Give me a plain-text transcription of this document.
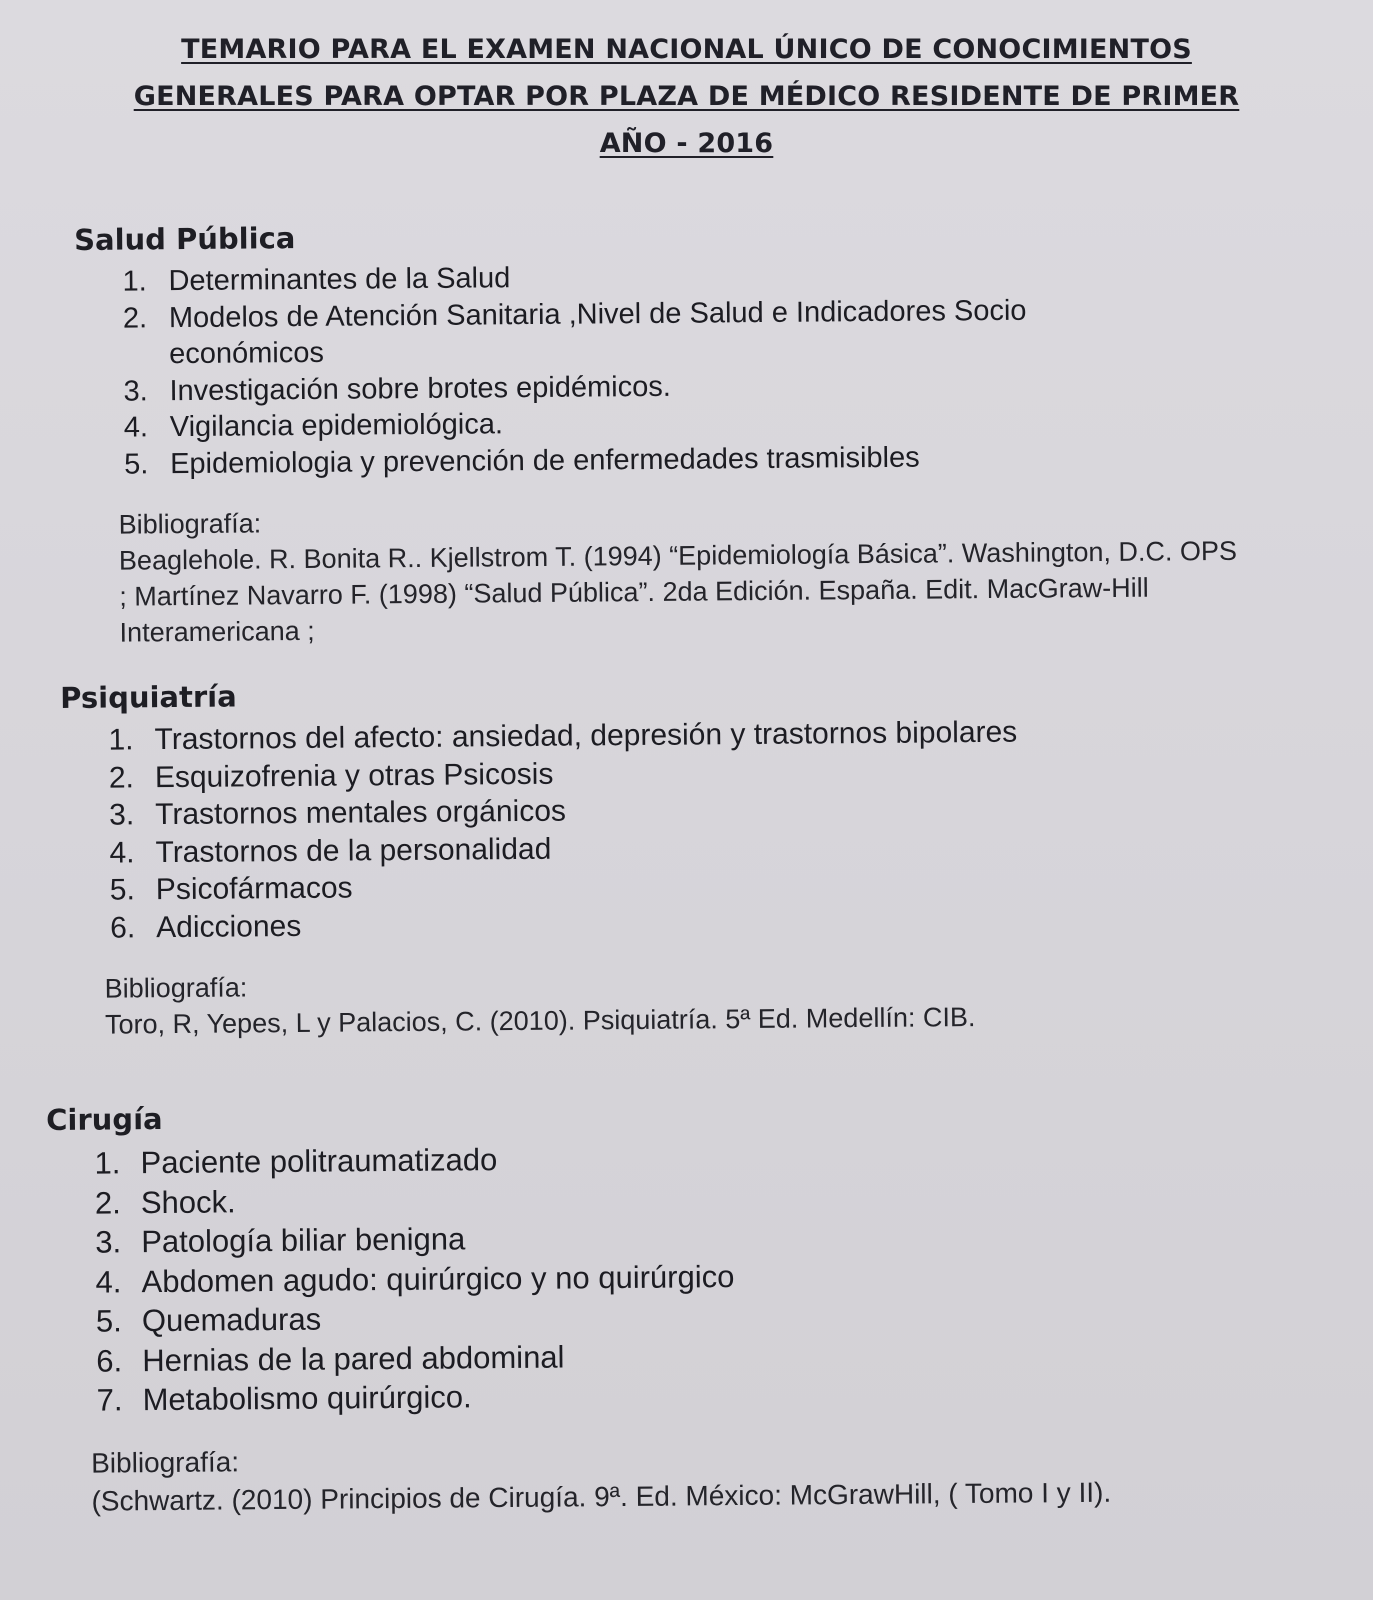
TEMARIO PARA EL EXAMEN NACIONAL ÚNICO DE CONOCIMIENTOS
GENERALES PARA OPTAR POR PLAZA DE MÉDICO RESIDENTE DE PRIMER
AÑO - 2016
Salud Pública
1. Determinantes de la Salud
2. Modelos de Atención Sanitaria ,Nivel de Salud e Indicadores Socio económicos
3. Investigación sobre brotes epidémicos.
4. Vigilancia epidemiológica.
5. Epidemiologia y prevención de enfermedades trasmisibles
Bibliografía:
Beaglehole. R. Bonita R.. Kjellstrom T. (1994) “Epidemiología Básica”. Washington, D.C. OPS ; Martínez Navarro F. (1998) “Salud Pública”. 2da Edición. España. Edit. MacGraw-Hill Interamericana ;
Psiquiatría
1. Trastornos del afecto: ansiedad, depresión y trastornos bipolares
2. Esquizofrenia y otras Psicosis
3. Trastornos mentales orgánicos
4. Trastornos de la personalidad
5. Psicofármacos
6. Adicciones
Bibliografía:
Toro, R, Yepes, L y Palacios, C. (2010). Psiquiatría. 5ª Ed. Medellín: CIB.
Cirugía
1. Paciente politraumatizado
2. Shock.
3. Patología biliar benigna
4. Abdomen agudo: quirúrgico y no quirúrgico
5. Quemaduras
6. Hernias de la pared abdominal
7. Metabolismo quirúrgico.
Bibliografía:
(Schwartz. (2010) Principios de Cirugía. 9ª. Ed. México: McGrawHill, ( Tomo I y II).
